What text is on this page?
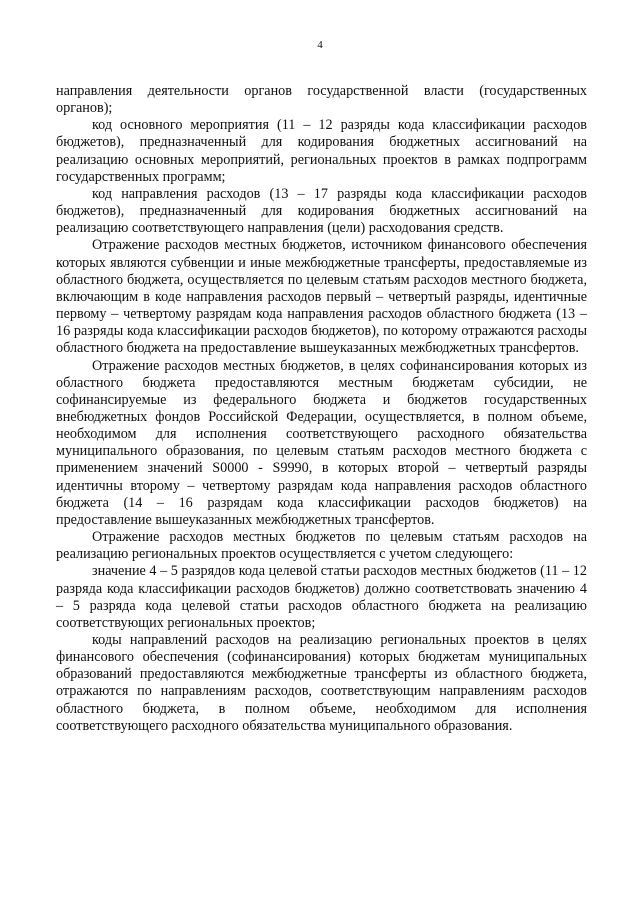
4

направления деятельности органов государственной власти (государственных органов);

код основного мероприятия (11 – 12 разряды кода классификации расходов бюджетов), предназначенный для кодирования бюджетных ассигнований на реализацию основных мероприятий, региональных проектов в рамках подпрограмм государственных программ;

код направления расходов (13 – 17 разряды кода классификации расходов бюджетов), предназначенный для кодирования бюджетных ассигнований на реализацию соответствующего направления (цели) расходования средств.

Отражение расходов местных бюджетов, источником финансового обеспечения которых являются субвенции и иные межбюджетные трансферты, предоставляемые из областного бюджета, осуществляется по целевым статьям расходов местного бюджета, включающим в коде направления расходов первый – четвертый разряды, идентичные первому – четвертому разрядам кода направления расходов областного бюджета (13 – 16 разряды кода классификации расходов бюджетов), по которому отражаются расходы областного бюджета на предоставление вышеуказанных межбюджетных трансфертов.

Отражение расходов местных бюджетов, в целях софинансирования которых из областного бюджета предоставляются местным бюджетам субсидии, не софинансируемые из федерального бюджета и бюджетов государственных внебюджетных фондов Российской Федерации, осуществляется, в полном объеме, необходимом для исполнения соответствующего расходного обязательства муниципального образования, по целевым статьям расходов местного бюджета с применением значений S0000 - S9990, в которых второй – четвертый разряды идентичны второму – четвертому разрядам кода направления расходов областного бюджета (14 – 16 разрядам кода классификации расходов бюджетов) на предоставление вышеуказанных межбюджетных трансфертов.

Отражение расходов местных бюджетов по целевым статьям расходов на реализацию региональных проектов осуществляется с учетом следующего:

значение 4 – 5 разрядов кода целевой статьи расходов местных бюджетов (11 – 12 разряда кода классификации расходов бюджетов) должно соответствовать значению 4 – 5 разряда кода целевой статьи расходов областного бюджета на реализацию соответствующих региональных проектов;

коды направлений расходов на реализацию региональных проектов в целях финансового обеспечения (софинансирования) которых бюджетам муниципальных образований предоставляются межбюджетные трансферты из областного бюджета, отражаются по направлениям расходов, соответствующим направлениям расходов областного бюджета, в полном объеме, необходимом для исполнения соответствующего расходного обязательства муниципального образования.
